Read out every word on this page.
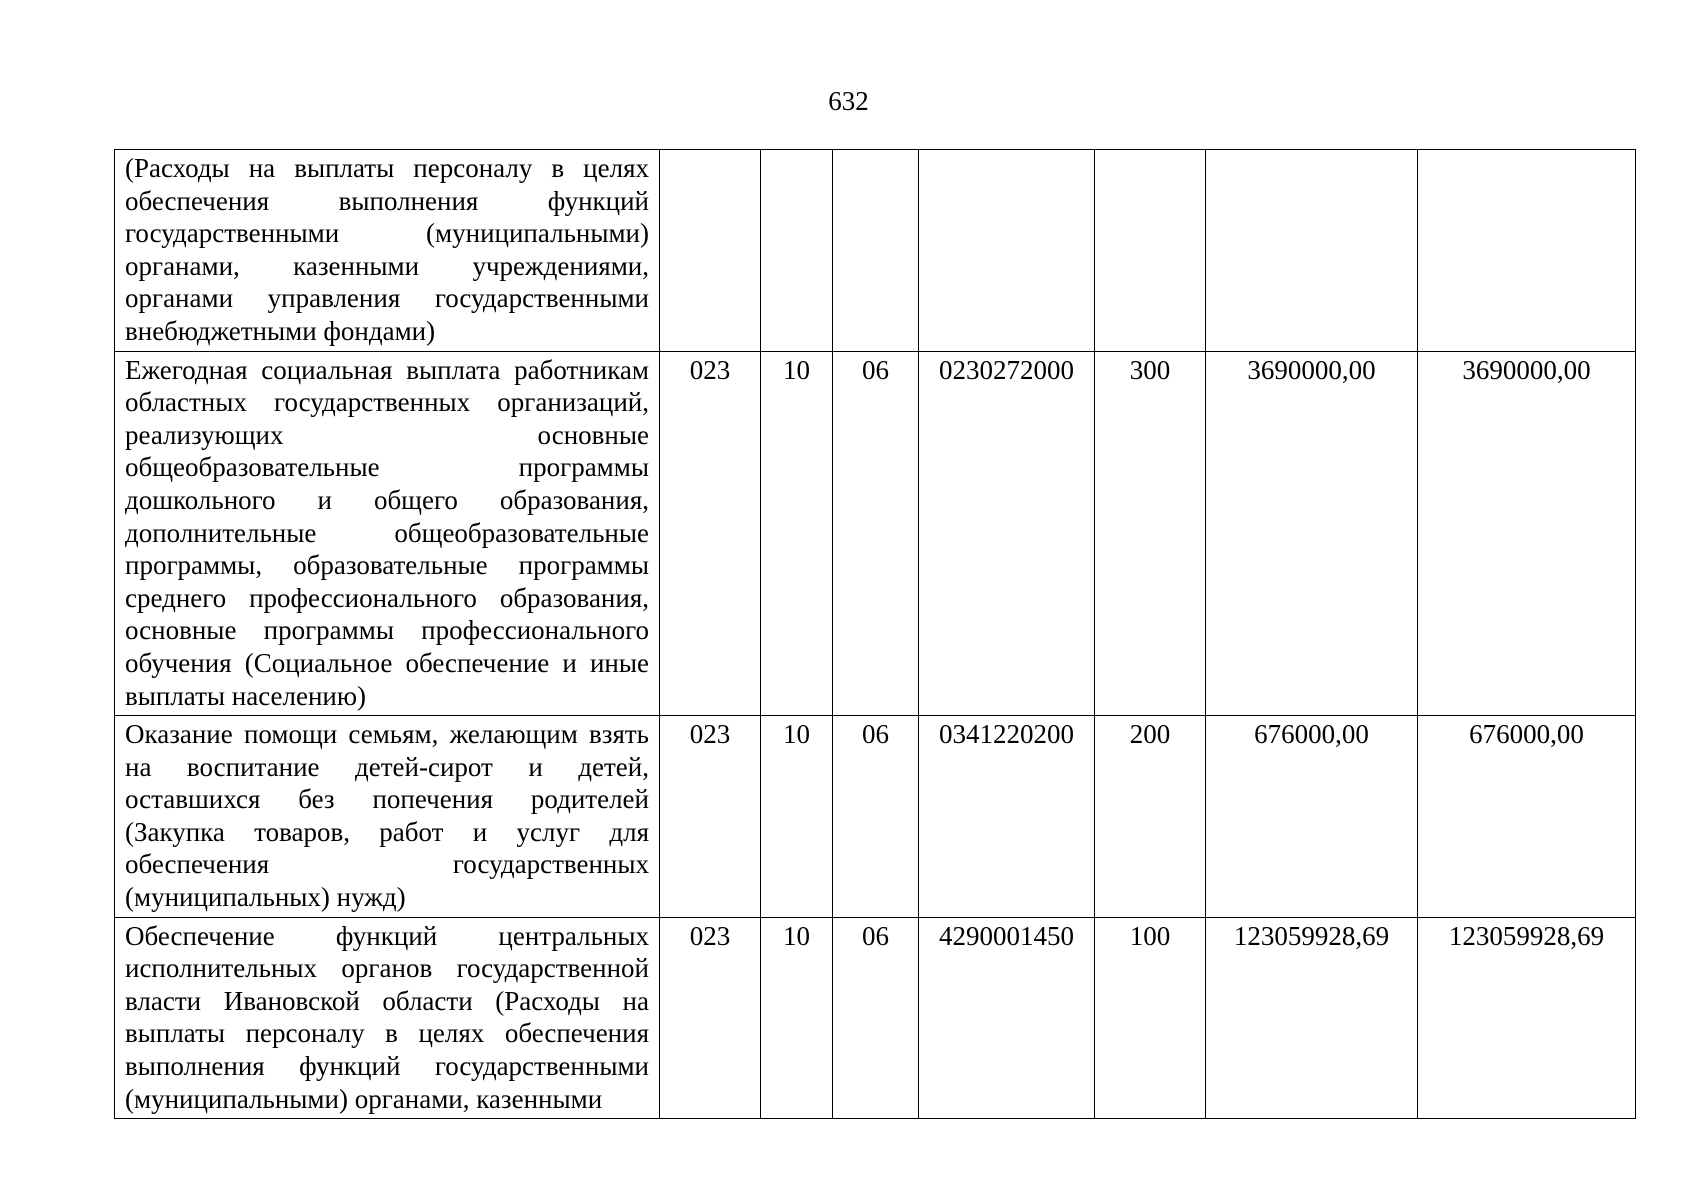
632
(Расходы на выплаты персоналу в целях обеспечения выполнения функций государственными (муниципальными) органами, казенными учреждениями, органами управления государственными внебюджетными фондами)							
Ежегодная социальная выплата работникам областных государственных организаций, реализующих основные общеобразовательные программы дошкольного и общего образования, дополнительные общеобразовательные программы, образовательные программы среднего профессионального образования, основные программы профессионального обучения (Социальное обеспечение и иные выплаты населению)	023	10	06	0230272000	300	3690000,00	3690000,00
Оказание помощи семьям, желающим взять на воспитание детей-сирот и детей, оставшихся без попечения родителей (Закупка товаров, работ и услуг для обеспечения государственных (муниципальных) нужд)	023	10	06	0341220200	200	676000,00	676000,00
Обеспечение функций центральных исполнительных органов государственной власти Ивановской области (Расходы на выплаты персоналу в целях обеспечения выполнения функций государственными (муниципальными) органами, казенными	023	10	06	4290001450	100	123059928,69	123059928,69
